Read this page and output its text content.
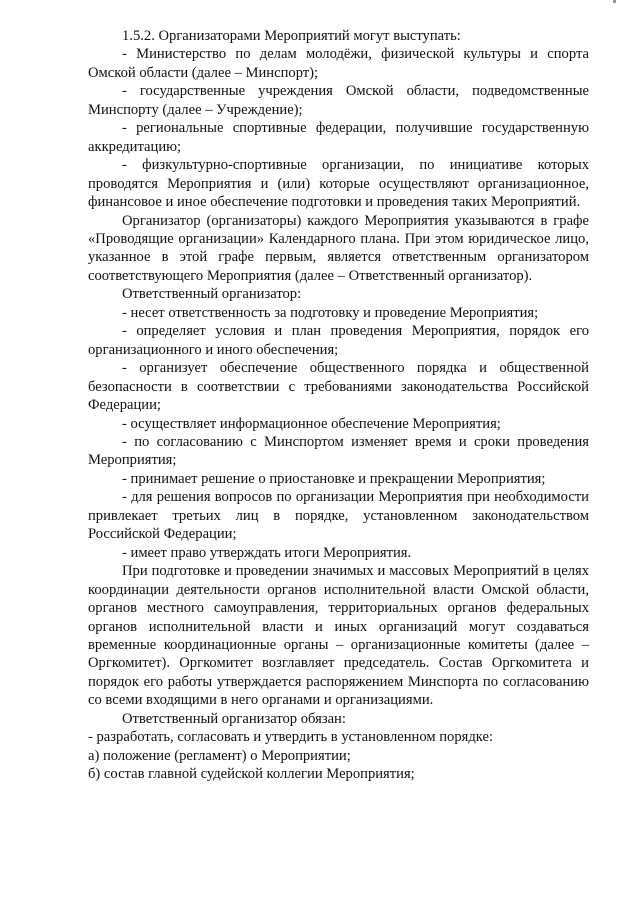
1.5.2. Организаторами Мероприятий могут выступать:

- Министерство по делам молодёжи, физической культуры и спорта Омской области (далее – Минспорт);

- государственные учреждения Омской области, подведомственные Минспорту (далее – Учреждение);

- региональные спортивные федерации, получившие государственную аккредитацию;

- физкультурно-спортивные организации, по инициативе которых проводятся Мероприятия и (или) которые осуществляют организационное, финансовое и иное обеспечение подготовки и проведения таких Мероприятий.

Организатор (организаторы) каждого Мероприятия указываются в графе «Проводящие организации» Календарного плана. При этом юридическое лицо, указанное в этой графе первым, является ответственным организатором соответствующего Мероприятия (далее – Ответственный организатор).

Ответственный организатор:

- несет ответственность за подготовку и проведение Мероприятия;

- определяет условия и план проведения Мероприятия, порядок его организационного и иного обеспечения;

- организует обеспечение общественного порядка и общественной безопасности в соответствии с требованиями законодательства Российской Федерации;

- осуществляет информационное обеспечение Мероприятия;

- по согласованию с Минспортом изменяет время и сроки проведения Мероприятия;

- принимает решение о приостановке и прекращении Мероприятия;

- для решения вопросов по организации Мероприятия при необходимости привлекает третьих лиц в порядке, установленном законодательством Российской Федерации;

- имеет право утверждать итоги Мероприятия.

При подготовке и проведении значимых и массовых Мероприятий в целях координации деятельности органов исполнительной власти Омской области, органов местного самоуправления, территориальных органов федеральных органов исполнительной власти и иных организаций могут создаваться временные координационные органы – организационные комитеты (далее – Оргкомитет). Оргкомитет возглавляет председатель. Состав Оргкомитета и порядок его работы утверждается распоряжением Минспорта по согласованию со всеми входящими в него органами и организациями.

Ответственный организатор обязан:

- разработать, согласовать и утвердить в установленном порядке:

а) положение (регламент) о Мероприятии;

б) состав главной судейской коллегии Мероприятия;
